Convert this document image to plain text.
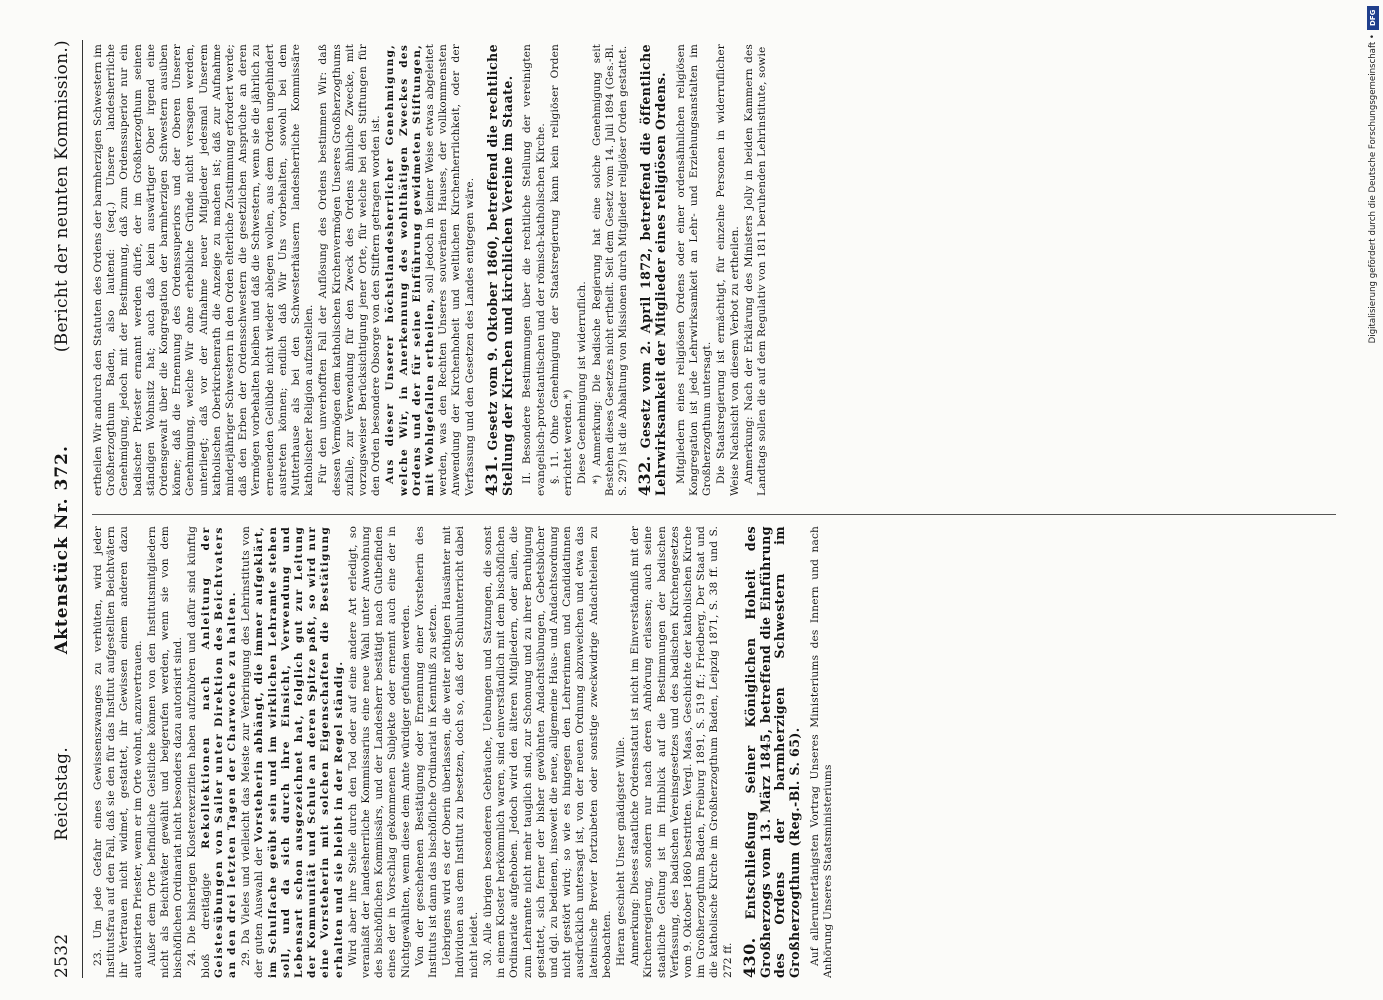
2532
Reichstag.
Aktenstück Nr. 372.
(Bericht der neunten Kommission.)

23. Um jede Gefahr eines Gewissenszwanges zu verhüten, wird jeder Institutsfrau auf den Fall, daß sie den für das Institut aufgestellten Beichtvätern ihr Vertrauen nicht widmet, gestattet, ihr Gewissen einem anderen dazu autorisirten Priester, wenn er im Orte wohnt, anzuvertrauen. Außer dem Orte befindliche Geistliche können von den Institutsmitgliedern nicht als Beichtväter gewählt und beigerufen werden, wenn sie von dem bischöflichen Ordinariat nicht besonders dazu autorisirt sind. 24. Die bisherigen Klosterexerzitien haben aufzuhören und dafür sind künftig bloß dreitägige Rekollektionen nach Anleitung der Geistesübungen von Sailer unter Direktion des Beichtvaters an den drei letzten Tagen der Charwoche zu halten. 29. Da Vieles und vielleicht das Meiste zur Verbringung des Lehrinstituts von der guten Auswahl der Vorsteherin abhängt, die immer aufgeklärt, im Schulfache geübt sein und im wirklichen Lehramte stehen soll, und da sich durch ihre Einsicht, Verwendung und Lebensart schon ausgezeichnet hat, folglich gut zur Leitung der Kommunität und Schule an deren Spitze paßt, so wird nur eine Vorsteherin mit solchen Eigenschaften die Bestätigung erhalten und sie bleibt in der Regel ständig. Wird aber ihre Stelle durch den Tod oder auf eine andere Art erledigt, so veranlaßt der landesherrliche Kommissarius eine neue Wahl unter Anwohnung des bischöflichen Kommissärs, und der Landesherr bestätigt nach Gutbefinden eines der in Vorschlag gekommenen Subjekte oder ernennt auch eine der in Nichtgewählten, wenn diese dem Amte würdiger gefunden werden. Von der geschehenen Bestätigung oder Ernennung einer Vorsteherin des Instituts ist dann das bischöfliche Ordinariat in Kenntniß zu setzen. Uebrigens wird es der Oberin überlassen, die weiter nöthigen Hausämter mit Individuen aus dem Institut zu besetzen, doch so, daß der Schulunterricht dabei nicht leidet. 30. Alle übrigen besonderen Gebräuche, Uebungen und Satzungen, die sonst in einem Kloster herkömmlich waren, sind einverständlich mit dem bischöflichen Ordinariate aufgehoben. Jedoch wird den älteren Mitgliedern, oder allen, die zum Lehramte nicht mehr tauglich sind, zur Schonung und zu ihrer Beruhigung gestattet, sich ferner der bisher gewöhnten Andachtsübungen, Gebetsbücher und dgl. zu bedienen, insoweit die neue, allgemeine Haus- und Andachtsordnung nicht gestört wird; so wie es hingegen den Lehrerinnen und Candidatinnen ausdrücklich untersagt ist, von der neuen Ordnung abzuweichen und etwa das lateinische Brevier fortzubeten oder sonstige zweckwidrige Andachteleien zu beobachten. Hieran geschieht Unser gnädigster Wille. Anmerkung: Dieses staatliche Ordensstatut ist nicht im Einverständniß mit der Kirchenregierung, sondern nur nach deren Anhörung erlassen; auch seine staatliche Geltung ist im Hinblick auf die Bestimmungen der badischen Verfassung, des badischen Vereinsgesetzes und des badischen Kirchengesetzes vom 9. Oktober 1860 bestritten. Vergl. Maas, Geschichte der katholischen Kirche im Großherzogthum Baden, Freiburg 1891, S. 519 ff.; Friedberg, Der Staat und die katholische Kirche im Großherzogthum Baden, Leipzig 1871, S. 38 ff. und S. 272 ff. 430. Entschließung Seiner Königlichen Hoheit des Großherzogs vom 13. März 1845, betreffend die Einführung des Ordens der barmherzigen Schwestern im Großherzogthum (Reg.-Bl. S. 65). Auf alleruntertänigsten Vortrag Unseres Ministeriums des Innern und nach Anhörung Unseres Staatsministeriums

ertheilen Wir andurch den Statuten des Ordens der barmherzigen Schwestern im Großherzogthum Baden, also lautend: (seq.) Unsere landesherrliche Genehmigung, jedoch mit der Bestimmung, daß zum Ordenssuperior nur ein badischer Priester ernannt werden dürfe, der im Großherzogthum seinen ständigen Wohnsitz hat; auch daß kein auswärtiger Ober irgend eine Ordensgewalt über die Kongregation der barmherzigen Schwestern ausüben könne; daß die Ernennung des Ordenssuperiors und der Oberen Unserer Genehmigung, welche Wir ohne erhebliche Gründe nicht versagen werden, unterliegt; daß vor der Aufnahme neuer Mitglieder jedesmal Unserem katholischen Oberkirchenrath die Anzeige zu machen ist; daß zur Aufnahme minderjähriger Schwestern in den Orden elterliche Zustimmung erfordert werde; daß den Erben der Ordensschwestern die gesetzlichen Ansprüche an deren Vermögen vorbehalten bleiben und daß die Schwestern, wenn sie die jährlich zu erneuenden Gelübde nicht wieder ablegen wollen, aus dem Orden ungehindert austreten können; endlich daß Wir Uns vorbehalten, sowohl bei dem Mutterhause als bei den Schwesterhäusern landesherrliche Kommissäre katholischer Religion aufzustellen. Für den unverhofften Fall der Auflösung des Ordens bestimmen Wir: daß dessen Vermögen dem katholischen Kirchenvermögen Unseres Großherzogthums zufalle, zur Verwendung für den Zweck des Ordens ähnliche Zwecke, mit vorzugsweiser Berücksichtigung jener Orte, für welche bei den Stiftungen für den Orden besondere Obsorge von den Stiftern getragen worden ist. Aus dieser Unserer höchstlandesherrlicher Genehmigung, welche Wir, in Anerkennung des wohlthätigen Zweckes des Ordens und der für seine Einführung gewidmeten Stiftungen, mit Wohlgefallen ertheilen, soll jedoch in keiner Weise etwas abgeleitet werden, was den Rechten Unseres souveränen Hauses, der vollkommensten Anwendung der Kirchenhoheit und weltlichen Kirchenherrlichkeit, oder der Verfassung und den Gesetzen des Landes entgegen wäre. 431. Gesetz vom 9. Oktober 1860, betreffend die rechtliche Stellung der Kirchen und kirchlichen Vereine im Staate. II. Besondere Bestimmungen über die rechtliche Stellung der vereinigten evangelisch-protestantischen und der römisch-katholischen Kirche. §. 11. Ohne Genehmigung der Staatsregierung kann kein religiöser Orden errichtet werden.*) Diese Genehmigung ist widerruflich. *) Anmerkung: Die badische Regierung hat eine solche Genehmigung seit Bestehen dieses Gesetzes nicht ertheilt. Seit dem Gesetz vom 14. Juli 1894 (Ges.-Bl. S. 297) ist die Abhaltung von Missionen durch Mitglieder religiöser Orden gestattet. 432. Gesetz vom 2. April 1872, betreffend die öffentliche Lehrwirksamkeit der Mitglieder eines religiösen Ordens. Mitgliedern eines religiösen Ordens oder einer ordensähnlichen religiösen Kongregation ist jede Lehrwirksamkeit an Lehr- und Erziehungsanstalten im Großherzogthum untersagt. Die Staatsregierung ist ermächtigt, für einzelne Personen in widerruflicher Weise Nachsicht von diesem Verbot zu ertheilen. Anmerkung: Nach der Erklärung des Ministers Jolly in beiden Kammern des Landtags sollen die auf dem Regulativ von 1811 beruhenden Lehrinstitute, sowie

DFG
Digitalisierung gefördert durch die Deutsche Forschungsgemeinschaft •
